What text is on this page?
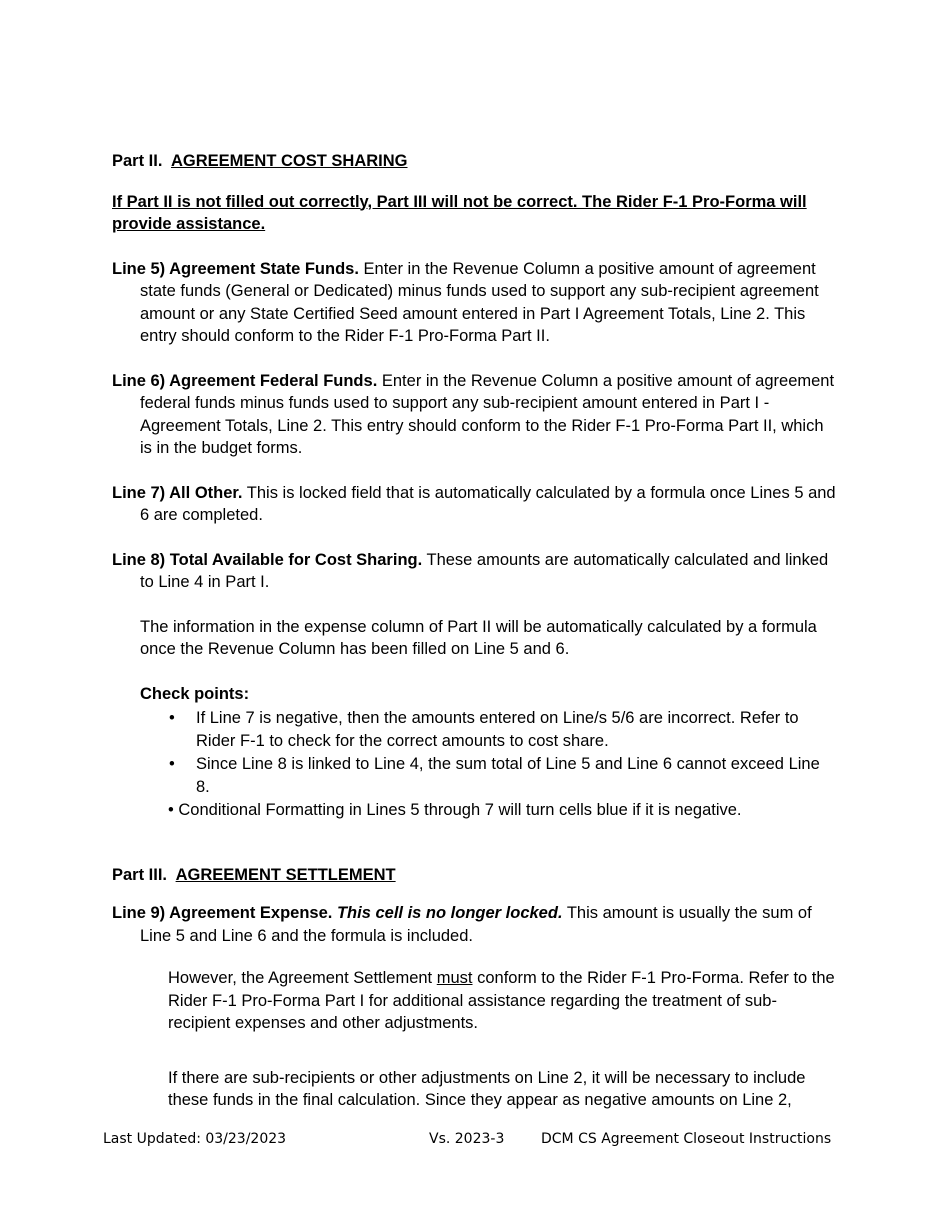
Part II. AGREEMENT COST SHARING

If Part II is not filled out correctly, Part III will not be correct. The Rider F-1 Pro-Forma will provide assistance.

Line 5) Agreement State Funds. Enter in the Revenue Column a positive amount of agreement state funds (General or Dedicated) minus funds used to support any sub-recipient agreement amount or any State Certified Seed amount entered in Part I Agreement Totals, Line 2. This entry should conform to the Rider F-1 Pro-Forma Part II.

Line 6) Agreement Federal Funds. Enter in the Revenue Column a positive amount of agreement federal funds minus funds used to support any sub-recipient amount entered in Part I - Agreement Totals, Line 2. This entry should conform to the Rider F-1 Pro-Forma Part II, which is in the budget forms.

Line 7) All Other. This is locked field that is automatically calculated by a formula once Lines 5 and 6 are completed.

Line 8) Total Available for Cost Sharing. These amounts are automatically calculated and linked to Line 4 in Part I.

The information in the expense column of Part II will be automatically calculated by a formula once the Revenue Column has been filled on Line 5 and 6.

Check points:

• If Line 7 is negative, then the amounts entered on Line/s 5/6 are incorrect. Refer to Rider F-1 to check for the correct amounts to cost share.
• Since Line 8 is linked to Line 4, the sum total of Line 5 and Line 6 cannot exceed Line 8.

• Conditional Formatting in Lines 5 through 7 will turn cells blue if it is negative.

Part III. AGREEMENT SETTLEMENT

Line 9) Agreement Expense. This cell is no longer locked. This amount is usually the sum of Line 5 and Line 6 and the formula is included.

However, the Agreement Settlement must conform to the Rider F-1 Pro-Forma. Refer to the Rider F-1 Pro-Forma Part I for additional assistance regarding the treatment of sub-recipient expenses and other adjustments.

If there are sub-recipients or other adjustments on Line 2, it will be necessary to include these funds in the final calculation. Since they appear as negative amounts on Line 2,

Last Updated: 03/23/2023	Vs. 2023-3	DCM CS Agreement Closeout Instructions
